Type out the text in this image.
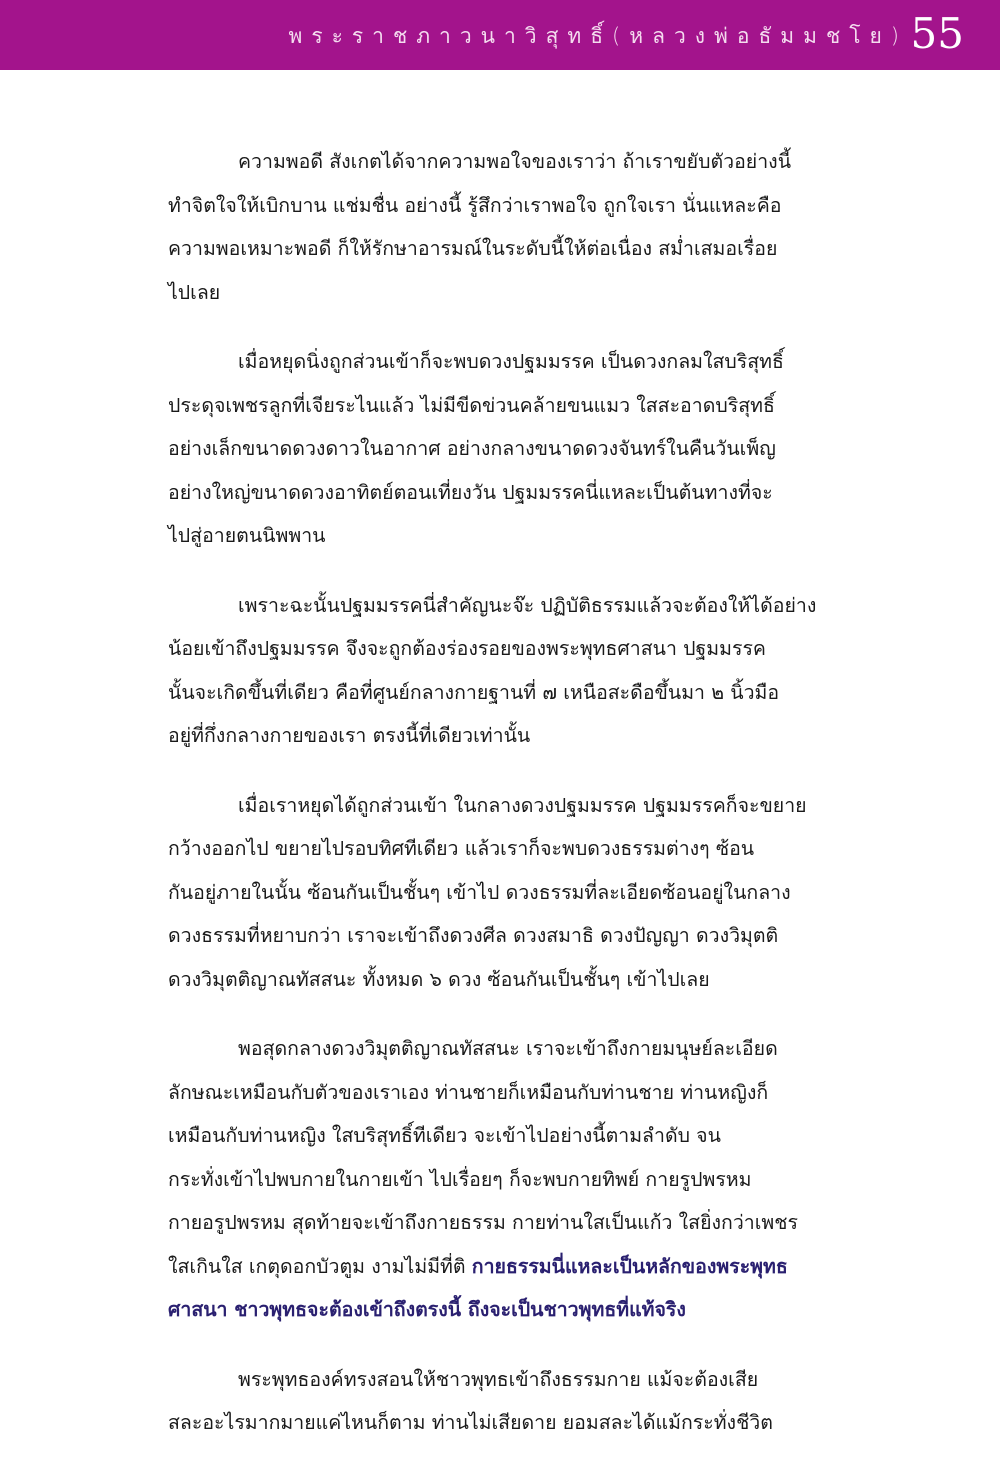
พระราชภาวนาวิสุทธิ์(หลวงพ่อธัมมชโย) 55
ความพอดี สังเกตได้จากความพอใจของเราว่า ถ้าเราขยับตัวอย่างนี้
ทำจิตใจให้เบิกบาน แช่มชื่น อย่างนี้ รู้สึกว่าเราพอใจ ถูกใจเรา นั่นแหละคือ
ความพอเหมาะพอดี ก็ให้รักษาอารมณ์ในระดับนี้ให้ต่อเนื่อง สม่ำเสมอเรื่อย
ไปเลย
เมื่อหยุดนิ่งถูกส่วนเข้าก็จะพบดวงปฐมมรรค เป็นดวงกลมใสบริสุทธิ์
ประดุจเพชรลูกที่เจียระไนแล้ว ไม่มีขีดข่วนคล้ายขนแมว ใสสะอาดบริสุทธิ์
อย่างเล็กขนาดดวงดาวในอากาศ อย่างกลางขนาดดวงจันทร์ในคืนวันเพ็ญ
อย่างใหญ่ขนาดดวงอาทิตย์ตอนเที่ยงวัน ปฐมมรรคนี่แหละเป็นต้นทางที่จะ
ไปสู่อายตนนิพพาน
เพราะฉะนั้นปฐมมรรคนี่สำคัญนะจ๊ะ ปฏิบัติธรรมแล้วจะต้องให้ได้อย่าง
น้อยเข้าถึงปฐมมรรค จึงจะถูกต้องร่องรอยของพระพุทธศาสนา ปฐมมรรค
นั้นจะเกิดขึ้นที่เดียว คือที่ศูนย์กลางกายฐานที่ ๗ เหนือสะดือขึ้นมา ๒ นิ้วมือ
อยู่ที่กึ่งกลางกายของเรา ตรงนี้ที่เดียวเท่านั้น
เมื่อเราหยุดได้ถูกส่วนเข้า ในกลางดวงปฐมมรรค ปฐมมรรคก็จะขยาย
กว้างออกไป ขยายไปรอบทิศทีเดียว แล้วเราก็จะพบดวงธรรมต่างๆ ซ้อน
กันอยู่ภายในนั้น ซ้อนกันเป็นชั้นๆ เข้าไป ดวงธรรมที่ละเอียดซ้อนอยู่ในกลาง
ดวงธรรมที่หยาบกว่า เราจะเข้าถึงดวงศีล ดวงสมาธิ ดวงปัญญา ดวงวิมุตติ
ดวงวิมุตติญาณทัสสนะ ทั้งหมด ๖ ดวง ซ้อนกันเป็นชั้นๆ เข้าไปเลย
พอสุดกลางดวงวิมุตติญาณทัสสนะ เราจะเข้าถึงกายมนุษย์ละเอียด
ลักษณะเหมือนกับตัวของเราเอง ท่านชายก็เหมือนกับท่านชาย ท่านหญิงก็
เหมือนกับท่านหญิง ใสบริสุทธิ์ทีเดียว จะเข้าไปอย่างนี้ตามลำดับ จน
กระทั่งเข้าไปพบกายในกายเข้า ไปเรื่อยๆ ก็จะพบกายทิพย์ กายรูปพรหม
กายอรูปพรหม สุดท้ายจะเข้าถึงกายธรรม กายท่านใสเป็นแก้ว ใสยิ่งกว่าเพชร
ใสเกินใส เกตุดอกบัวตูม งามไม่มีที่ติ กายธรรมนี่แหละเป็นหลักของพระพุทธ
ศาสนา ชาวพุทธจะต้องเข้าถึงตรงนี้ ถึงจะเป็นชาวพุทธที่แท้จริง
พระพุทธองค์ทรงสอนให้ชาวพุทธเข้าถึงธรรมกาย แม้จะต้องเสีย
สละอะไรมากมายแค่ไหนก็ตาม ท่านไม่เสียดาย ยอมสละได้แม้กระทั่งชีวิต
